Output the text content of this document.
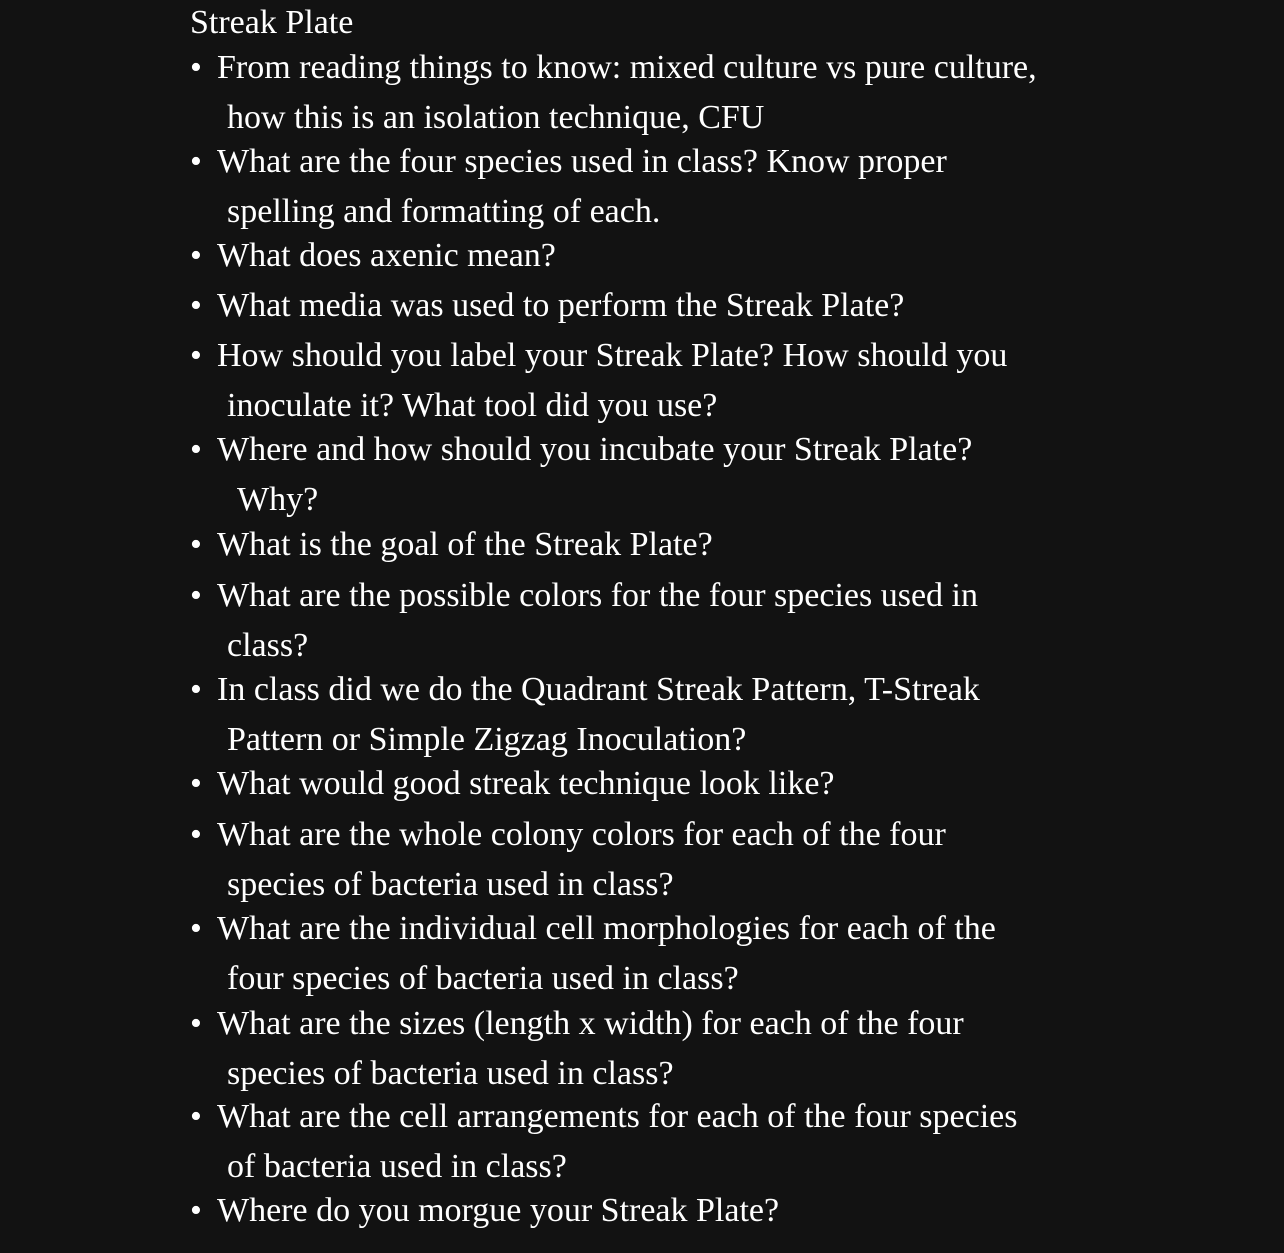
Streak Plate
• From reading things to know: mixed culture vs pure culture,
how this is an isolation technique, CFU
• What are the four species used in class? Know proper
spelling and formatting of each.
• What does axenic mean?
• What media was used to perform the Streak Plate?
• How should you label your Streak Plate? How should you
inoculate it? What tool did you use?
• Where and how should you incubate your Streak Plate?
Why?
• What is the goal of the Streak Plate?
• What are the possible colors for the four species used in
class?
• In class did we do the Quadrant Streak Pattern, T-Streak
Pattern or Simple Zigzag Inoculation?
• What would good streak technique look like?
• What are the whole colony colors for each of the four
species of bacteria used in class?
• What are the individual cell morphologies for each of the
four species of bacteria used in class?
• What are the sizes (length x width) for each of the four
species of bacteria used in class?
• What are the cell arrangements for each of the four species
of bacteria used in class?
• Where do you morgue your Streak Plate?
